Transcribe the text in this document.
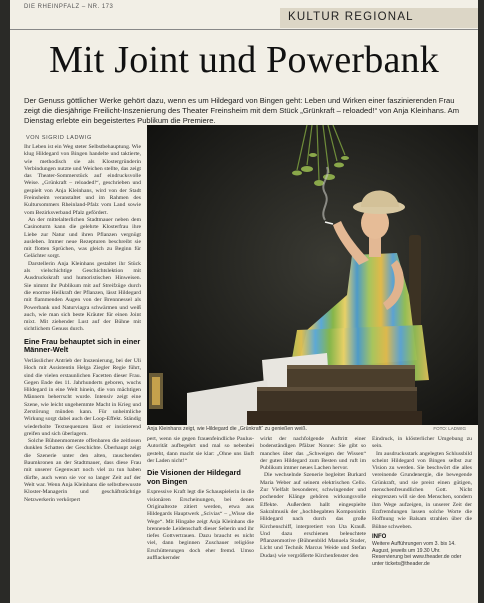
DIE RHEINPFALZ – NR. 173
KULTUR REGIONAL
Mit Joint und Powerbank
Der Genuss göttlicher Werke gehört dazu, wenn es um Hildegard von Bingen geht: Leben und Wirken einer faszinierenden Frau zeigt die diesjährige Freilicht-Inszenierung des Theater Freinsheim mit dem Stück „Grünkraft – reloaded!“ von Anja Kleinhans. Am Dienstag erlebte ein begeistertes Publikum die Premiere.
VON SIGRID LADWIG

Ihr Leben ist ein Weg steter Selbstbehauptung. Wie klug Hildegard von Bingen handelte und taktierte, wie methodisch sie als Klostergründerin Verbindungen nutzte und Weichen stellte, das zeigt das Theater-Sommerstück auf eindrucksvolle Weise. „Grünkraft – reloaded!“, geschrieben und gespielt von Anja Kleinhans, wird von der Stadt Freinsheim veranstaltet und im Rahmen des Kultursommers Rheinland-Pfalz vom Land sowie vom Bezirksverband Pfalz gefördert.

An der mittelalterlichen Stadtmauer neben dem Casinoturm kann die gelehrte Klosterfrau ihre Liebe zur Natur und ihren Pflanzen vergnügt ausleben. Immer neue Rezepturen beschreibt sie mit flotten Sprüchen, was gleich zu Beginn für Gelächter sorgt.

Darstellerin Anja Kleinhans gestaltet ihr Stück als vielschichtige Geschichtslektion mit Ausdruckskraft und humoristischen Hinweisen. Sie nimmt ihr Publikum mit auf Streifzüge durch die enorme Heilkraft der Pflanzen, lässt Hildegard mit flammenden Augen von der Brennnessel als Powerbank und Naturviagra schwärmen und weiß auch, wie man sich beste Kräuter für einen Joint mixt. Mit ziehender Lust auf der Bühne mit sichtlichem Genuss durch.

Eine Frau behauptet sich in einer Männer-Welt

Verlässlicher Antrieb der Inszenierung, bei der Uli Hoch mit Assistentin Helga Ziegler Regie führt, sind die vielen erstaunlichen Facetten dieser Frau. Gegen Ende des 11. Jahrhunderts geboren, wuchs Hildegard in eine Welt hinein, die von mächtigen Männern beherrscht wurde. Intensiv zeigt eine Szene, wie leicht ungehemmte Macht in Krieg und Zerstörung münden kann. Für unheimliche Wirkung sorgt dabei auch der Loop-Effekt. Ständig wiederholte Textsequenzen lässt er insistierend greifen und sich überlagern.

Solche Bühnenmomente offenbaren die zeitlosen dunklen Schatten der Geschichte. Überhaupt zeigt die Szenerie unter den alten, rauschenden Baumkronen an der Stadtmauer, dass diese Frau mit unserer Gegenwart noch viel zu tun haben dürfte, auch wenn sie vor so langer Zeit auf der Welt war. Wenn Anja Kleinhans die selbstbewusste Kloster-Managerin und geschäftstüchtige Netzwerkerin verkörpert

Anja Kleinhans zeigt, wie Hildegard die „Grünkraft“ zu genießen weiß.	FOTO: LADWIG

pert, wenn sie gegen frauenfeindliche Paulus-Autorität aufbegehrt und mal so nebenbei gesteht, dann macht sie klar: „Ohne uns läuft der Laden nicht!“

Die Visionen der Hildegard von Bingen

Expressive Kraft legt die Schauspielerin in die visionären Erscheinungen, bei denen Originaltexte zitiert werden, etwa aus Hildegards Hauptwerk „Scivias“ – „Wisse die Wege“. Mit Hingabe zeigt Anja Kleinhans die brennende Leidenschaft dieser Seherin und ihr tiefes Gottvertrauen. Dazu braucht es nicht viel, dann beginnen Zuschauer religiöse Erschütterungen doch eher fremd. Umso aufflackernder

wirkt der nachfolgende Auftritt einer bodenständigen Pfälzer Nonne: Sie gibt so manches über das „Schweigen der Wissen“ der guten Hildegard zum Besten und ruft im Publikum immer neues Lachen hervor.

Die wechselnde Szenerie begleitet Burkard Maria Weber auf seinem elektrischen Cello. Zur Vielfalt besonderer, schwingender und pochender Klänge gehören wirkungsvolle Effekte. Außerdem hallt eingespielte Sakralmusik der „hochbegabten Komponistin Hildegard nach durch das große Kirchenschiff, interpretiert von Uta Krauß. Und dazu erschienen beleuchtete Pflanzenmotive (Bühnenbild Manuela Studer, Licht und Technik Marcus Weide und Stefan Dudas) wie vergrößerte Kirchenfenster den

Eindruck, in klösterlicher Umgebung zu sein.

Im ausdrucksstark angelegten Schlussbild scheint Hildegard von Bingen selbst zur Vision zu werden. Sie beschwört die alles vereinende Grundenergie, die bewegende Grünkraft, und sie preist einen gütigen, menschenfreundlichen Gott. Nicht eingrenzen will sie den Menschen, sondern ihm Wege aufzeigen, in unserer Zeit der Erzfremdungen lassen solche Worte die Hoffnung wie Balsam strahlen über die Bühne schweben.

INFO
Weitere Aufführungen vom 3. bis 14. August, jeweils um 19.30 Uhr. Reservierung bei www.theader.de oder unter tickets@theader.de
